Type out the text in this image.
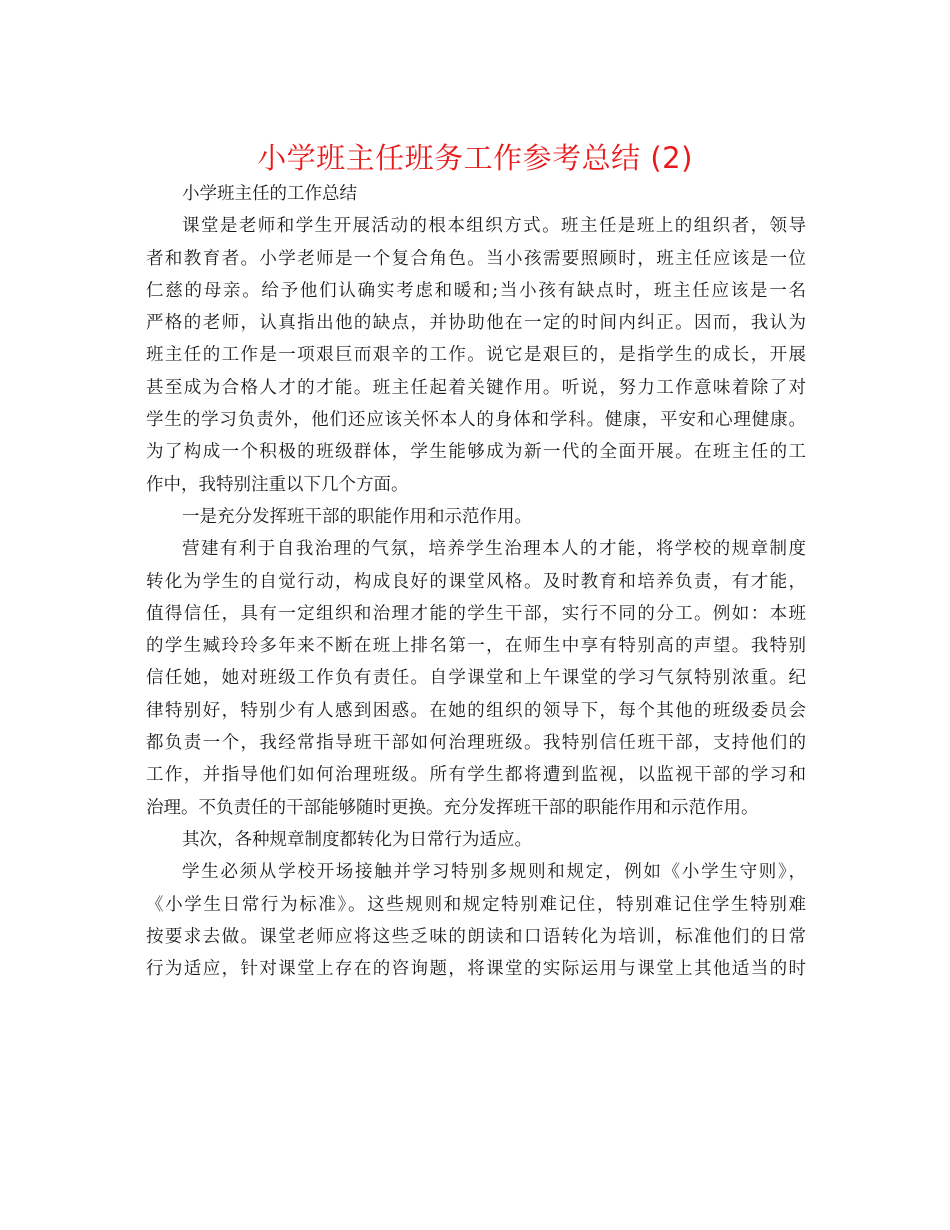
小学班主任班务工作参考总结 (2)
小学班主任的工作总结
课堂是老师和学生开展活动的根本组织方式。班主任是班上的组织者，领导
者和教育者。小学老师是一个复合角色。当小孩需要照顾时，班主任应该是一位
仁慈的母亲。给予他们认确实考虑和暖和;当小孩有缺点时，班主任应该是一名
严格的老师，认真指出他的缺点，并协助他在一定的时间内纠正。因而，我认为
班主任的工作是一项艰巨而艰辛的工作。说它是艰巨的，是指学生的成长，开展
甚至成为合格人才的才能。班主任起着关键作用。听说，努力工作意味着除了对
学生的学习负责外，他们还应该关怀本人的身体和学科。健康，平安和心理健康。
为了构成一个积极的班级群体，学生能够成为新一代的全面开展。在班主任的工
作中，我特别注重以下几个方面。
一是充分发挥班干部的职能作用和示范作用。
营建有利于自我治理的气氛，培养学生治理本人的才能，将学校的规章制度
转化为学生的自觉行动，构成良好的课堂风格。及时教育和培养负责，有才能，
值得信任，具有一定组织和治理才能的学生干部，实行不同的分工。例如：本班
的学生臧玲玲多年来不断在班上排名第一，在师生中享有特别高的声望。我特别
信任她，她对班级工作负有责任。自学课堂和上午课堂的学习气氛特别浓重。纪
律特别好，特别少有人感到困惑。在她的组织的领导下，每个其他的班级委员会
都负责一个，我经常指导班干部如何治理班级。我特别信任班干部，支持他们的
工作，并指导他们如何治理班级。所有学生都将遭到监视，以监视干部的学习和
治理。不负责任的干部能够随时更换。充分发挥班干部的职能作用和示范作用。
其次，各种规章制度都转化为日常行为适应。
学生必须从学校开场接触并学习特别多规则和规定，例如《小学生守则》，
《小学生日常行为标准》。这些规则和规定特别难记住，特别难记住学生特别难
按要求去做。课堂老师应将这些乏味的朗读和口语转化为培训，标准他们的日常
行为适应，针对课堂上存在的咨询题，将课堂的实际运用与课堂上其他适当的时
